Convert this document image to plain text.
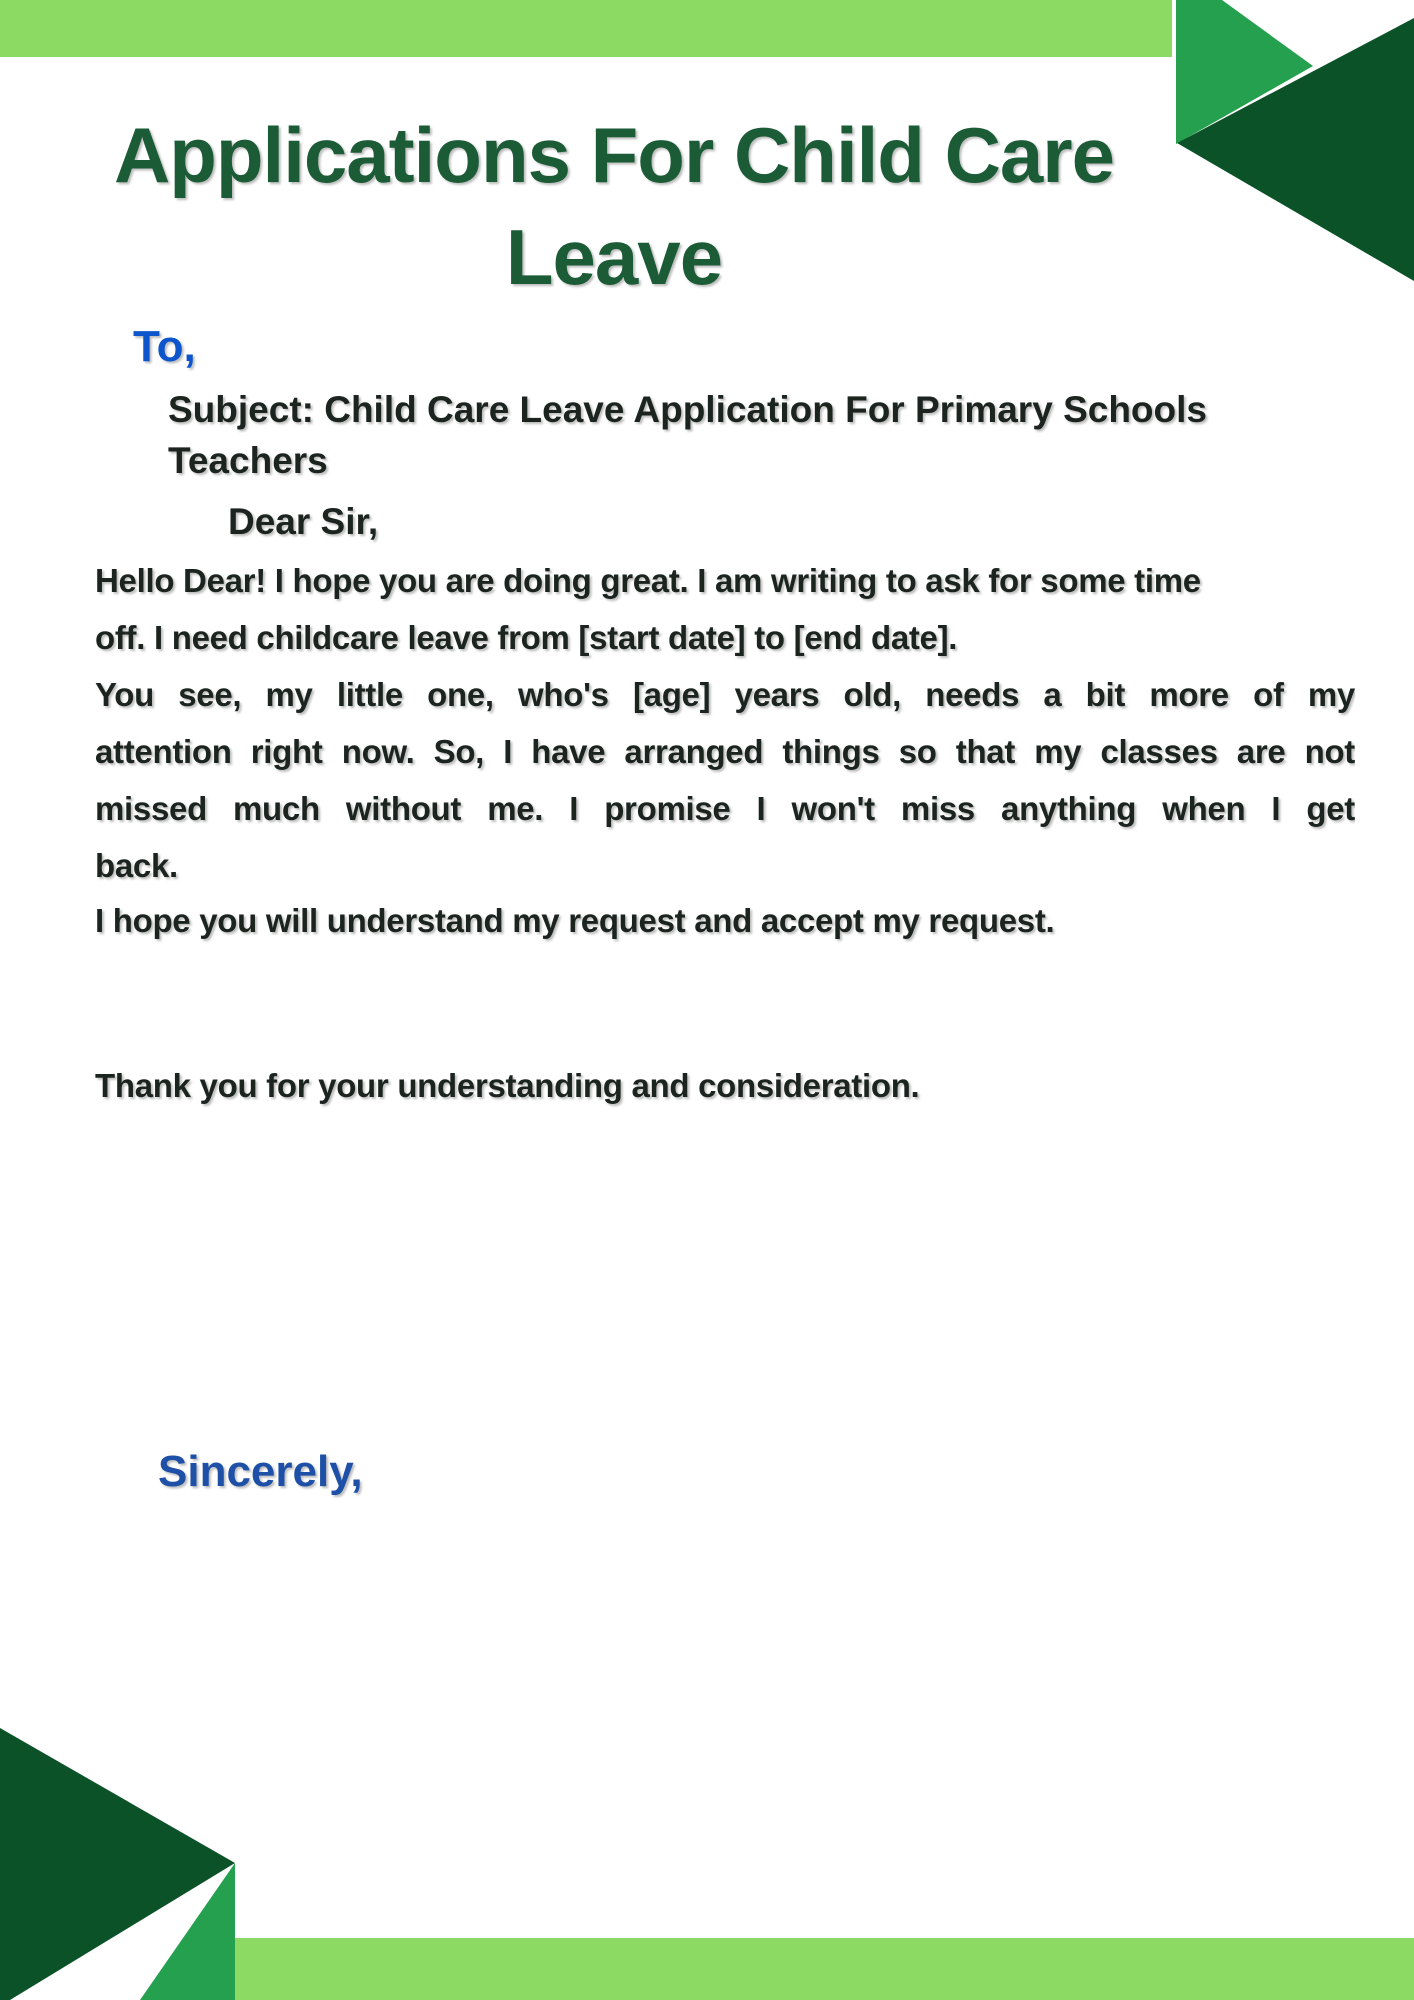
Applications For Child Care
Leave
To,
Subject: Child Care Leave Application For Primary Schools
Teachers
Dear Sir,
Hello Dear! I hope you are doing great. I am writing to ask for some time
off. I need childcare leave from [start date] to [end date].
You see, my little one, who's [age] years old, needs a bit more of my
attention right now. So, I have arranged things so that my classes are not
missed much without me. I promise I won't miss anything when I get
back.
I hope you will understand my request and accept my request.
Thank you for your understanding and consideration.
Sincerely,
